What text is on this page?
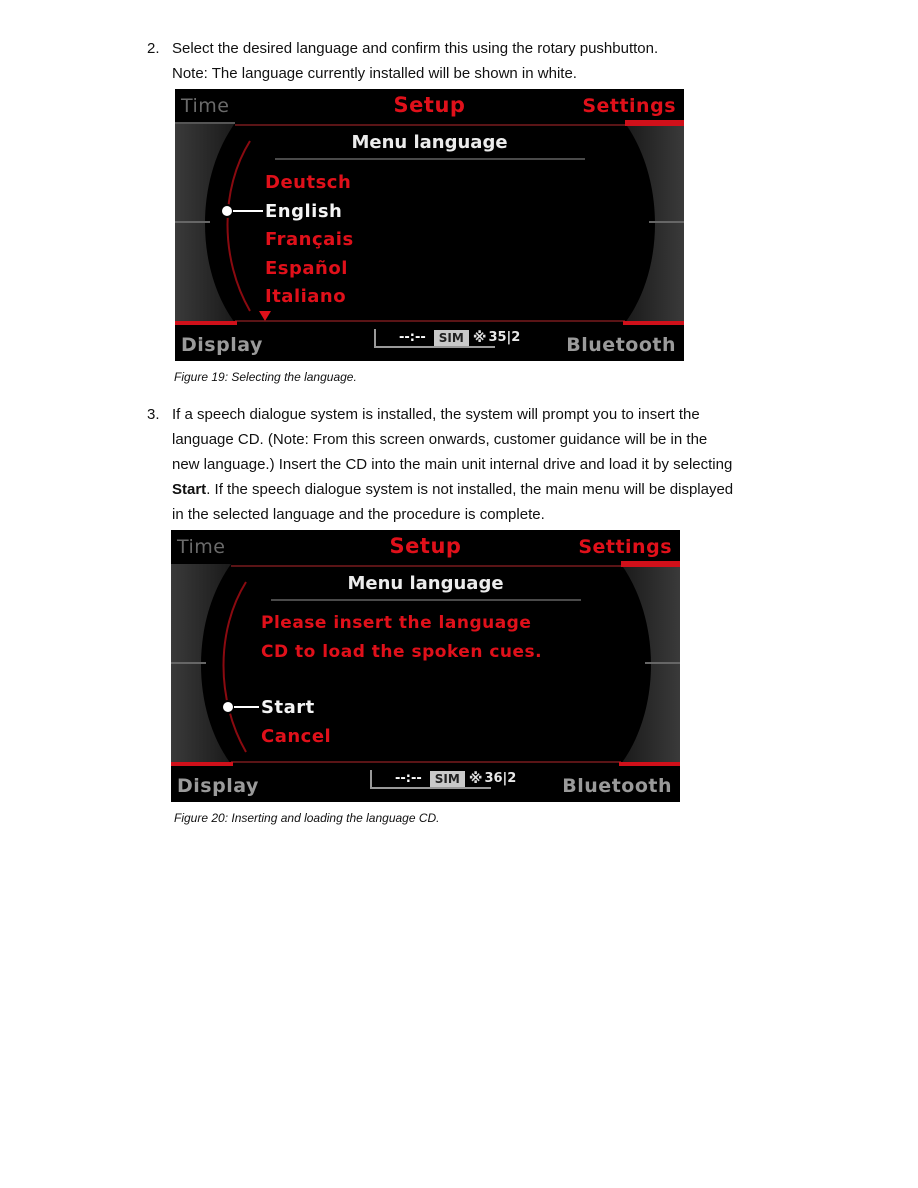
2. Select the desired language and confirm this using the rotary pushbutton.

Note: The language currently installed will be shown in white.

Time	Setup	Settings
Menu language
Deutsch
English
Français
Español
Italiano
--:--	SIM ※ 35|2
Display	Bluetooth
Figure 19: Selecting the language.
3. If a speech dialogue system is installed, the system will prompt you to insert the

language CD. (Note: From this screen onwards, customer guidance will be in the

new language.) Insert the CD into the main unit internal drive and load it by selecting

Start. If the speech dialogue system is not installed, the main menu will be displayed

in the selected language and the procedure is complete.

Time	Setup	Settings
Menu language
Please insert the language
CD to load the spoken cues.
Start
Cancel
--:--	SIM ※ 36|2
Display	Bluetooth
Figure 20: Inserting and loading the language CD.
